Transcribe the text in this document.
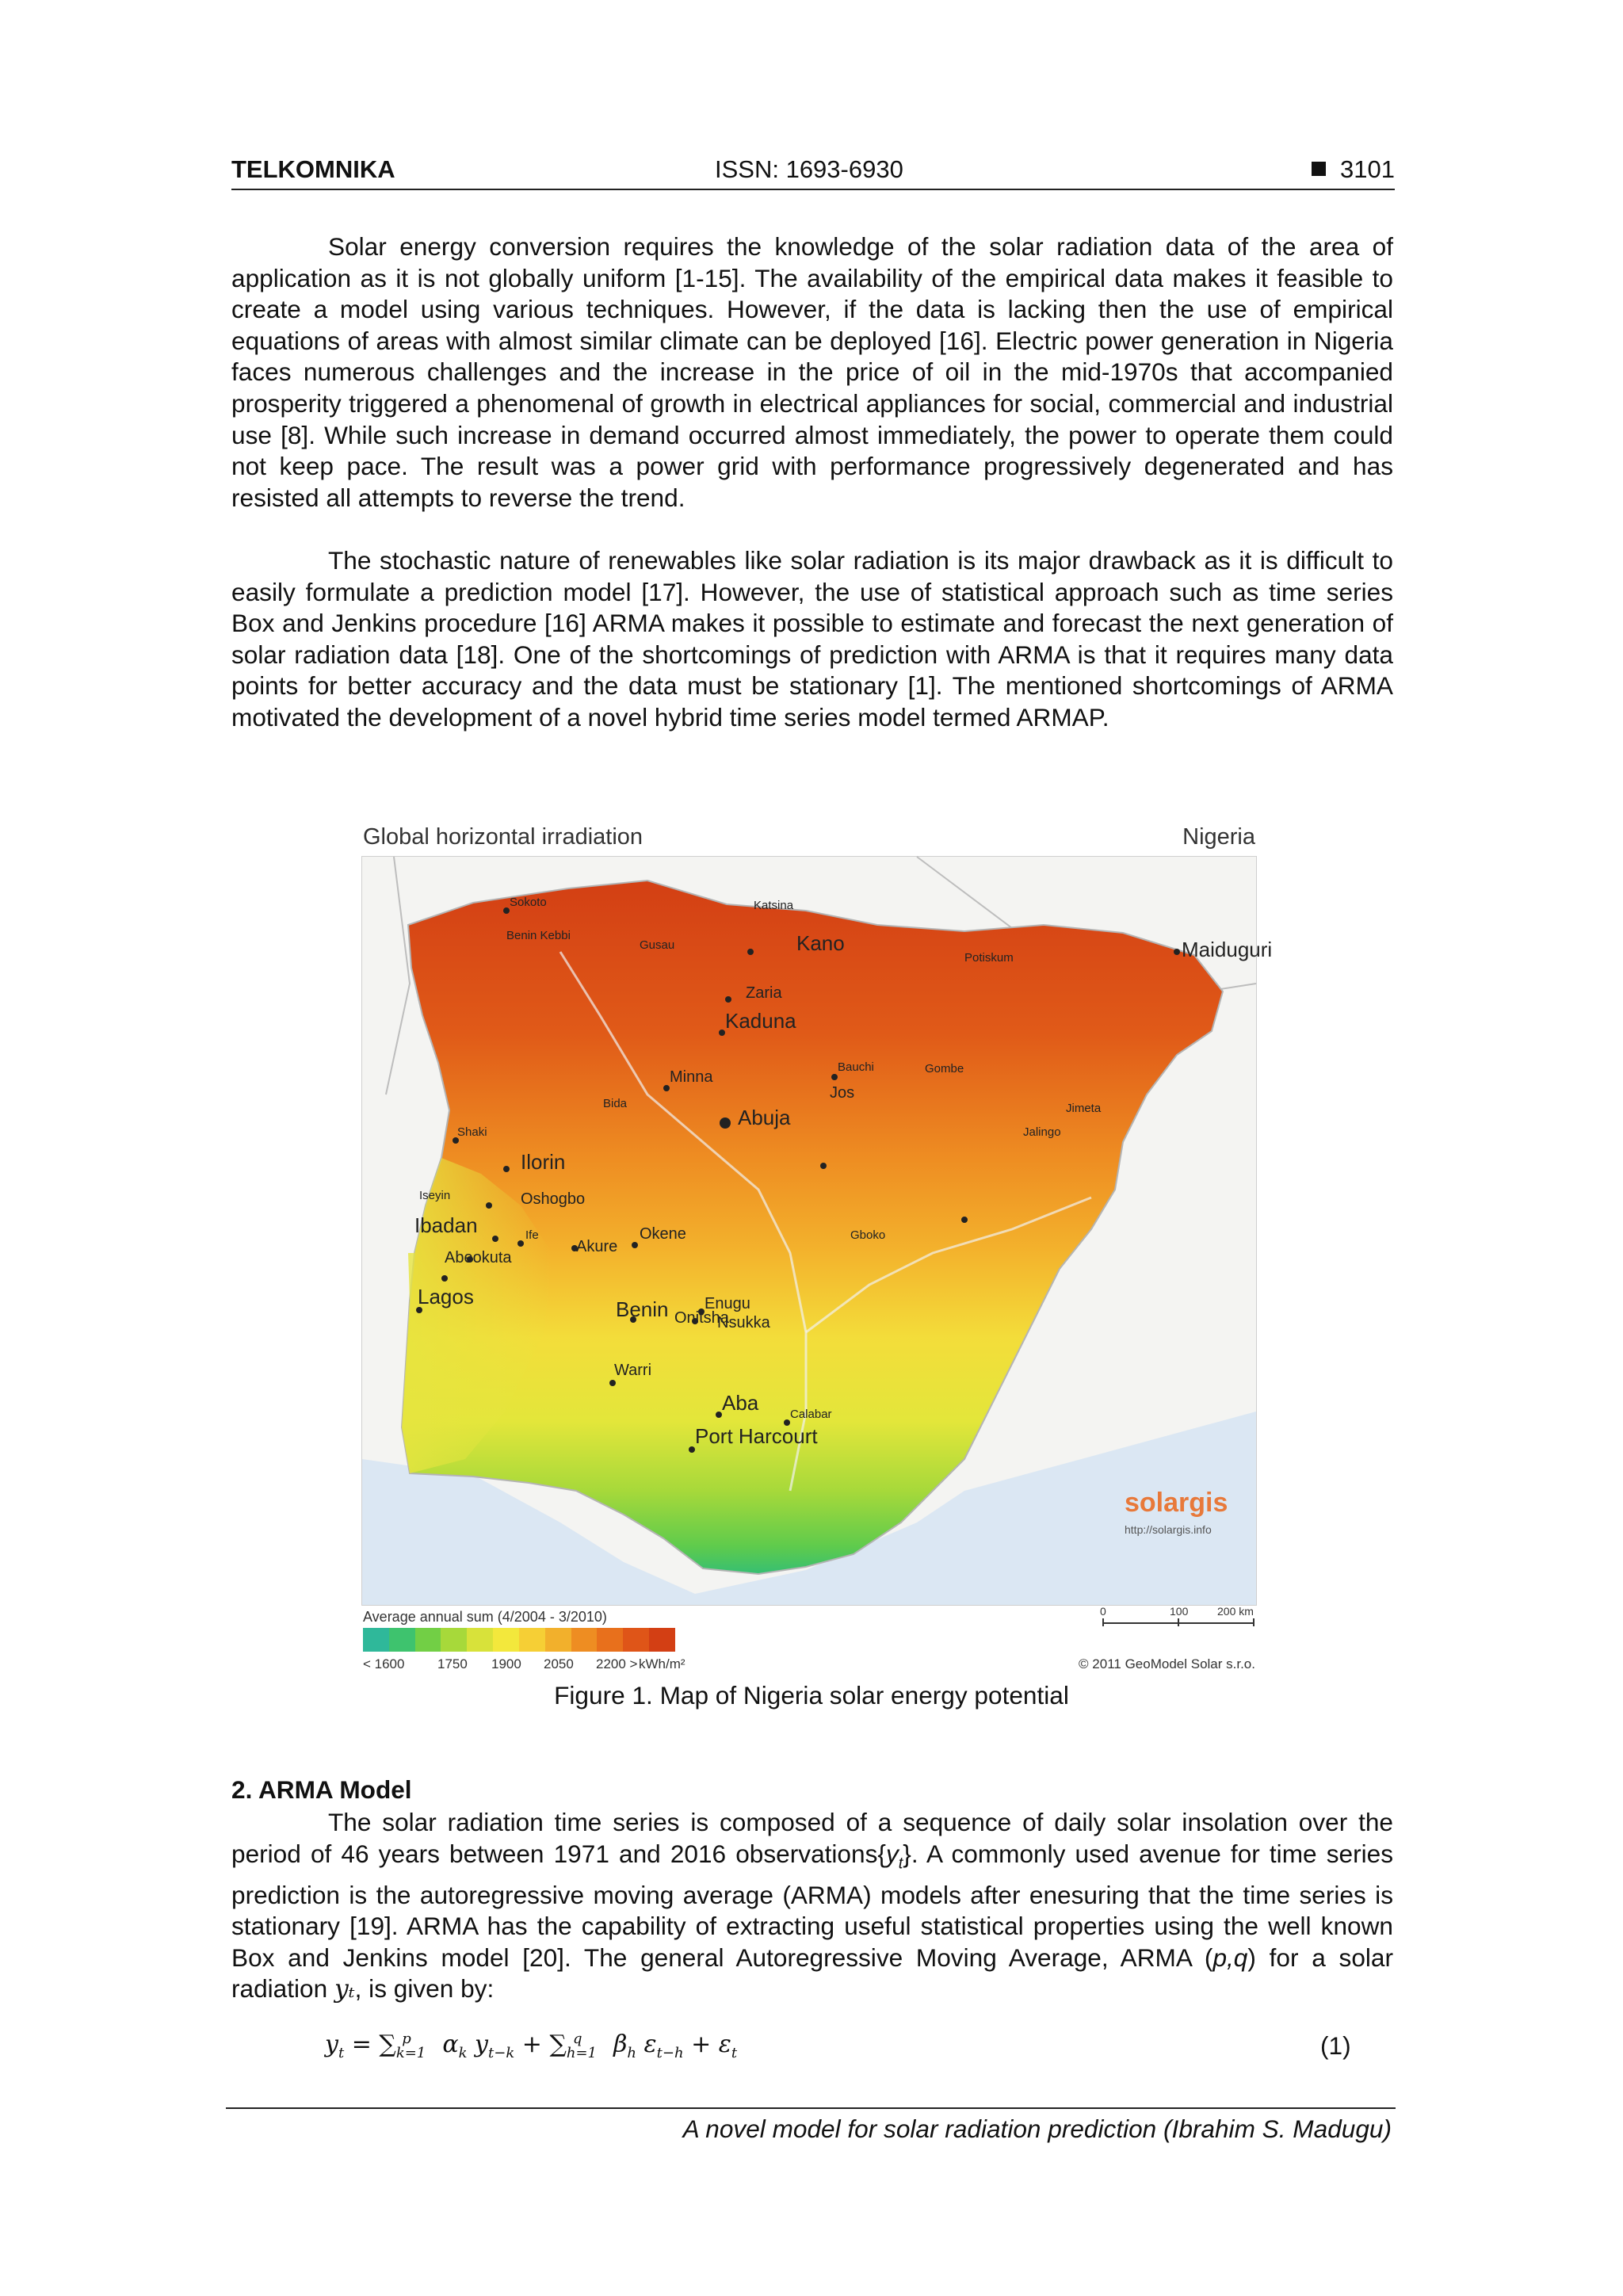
TELKOMNIKA	ISSN: 1693-6930	3101

Solar energy conversion requires the knowledge of the solar radiation data of the area of application as it is not globally uniform [1-15]. The availability of the empirical data makes it feasible to create a model using various techniques. However, if the data is lacking then the use of empirical equations of areas with almost similar climate can be deployed [16]. Electric power generation in Nigeria faces numerous challenges and the increase in the price of oil in the mid-1970s that accompanied prosperity triggered a phenomenal of growth in electrical appliances for social, commercial and industrial use [8]. While such increase in demand occurred almost immediately, the power to operate them could not keep pace. The result was a power grid with performance progressively degenerated and has resisted all attempts to reverse the trend.

The stochastic nature of renewables like solar radiation is its major drawback as it is difficult to easily formulate a prediction model [17]. However, the use of statistical approach such as time series Box and Jenkins procedure [16] ARMA makes it possible to estimate and forecast the next generation of solar radiation data [18]. One of the shortcomings of prediction with ARMA is that it requires many data points for better accuracy and the data must be stationary [1]. The mentioned shortcomings of ARMA motivated the development of a novel hybrid time series model termed ARMAP.

Global horizontal irradiation	Nigeria
solargis
http://solargis.info
Sokoto	Katsina
Benin Kebbi
Gusau	Kano	Maiduguri
Potiskum
Zaria
Kaduna
Bauchi	Gombe
Jos
Minna
Bida
Abuja	Jimeta
Jalingo
Shaki
Ilorin
Iseyin	Oshogbo
Ibadan	Ife
Akure
Okene	Gboko
Abeokuta
Lagos
Benin Enugu
Onitsha
Nsukka
Warri
Aba	Calabar
Port Harcourt
Average annual sum (4/2004 - 3/2010)
< 1600 1750 1900 2050 2200 > kWh/m²
0	100	200 km
© 2011 GeoModel Solar s.r.o.
Figure 1. Map of Nigeria solar energy potential
2. ARMA Model

The solar radiation time series is composed of a sequence of daily solar insolation over the period of 46 years between 1971 and 2016 $observations\{y_t\}$. A commonly used avenue for time series prediction is the autoregressive moving average (ARMA) models after enesuring that the time series is stationary [19]. ARMA has the capability of extracting useful statistical properties using the well known Box and Jenkins model [20]. The general Autoregressive Moving Average, ARMA (p,q) for a solar radiation yₜ, is given by:

$y_t = \sum_{k=1}^p$ $\alpha_k$ $y_{t-k} + \sum_{h=1}^q$ $\beta_h$ $\varepsilon_{t-h} + \varepsilon_t$	(1)
A novel model for solar radiation prediction (Ibrahim S. Madugu)
